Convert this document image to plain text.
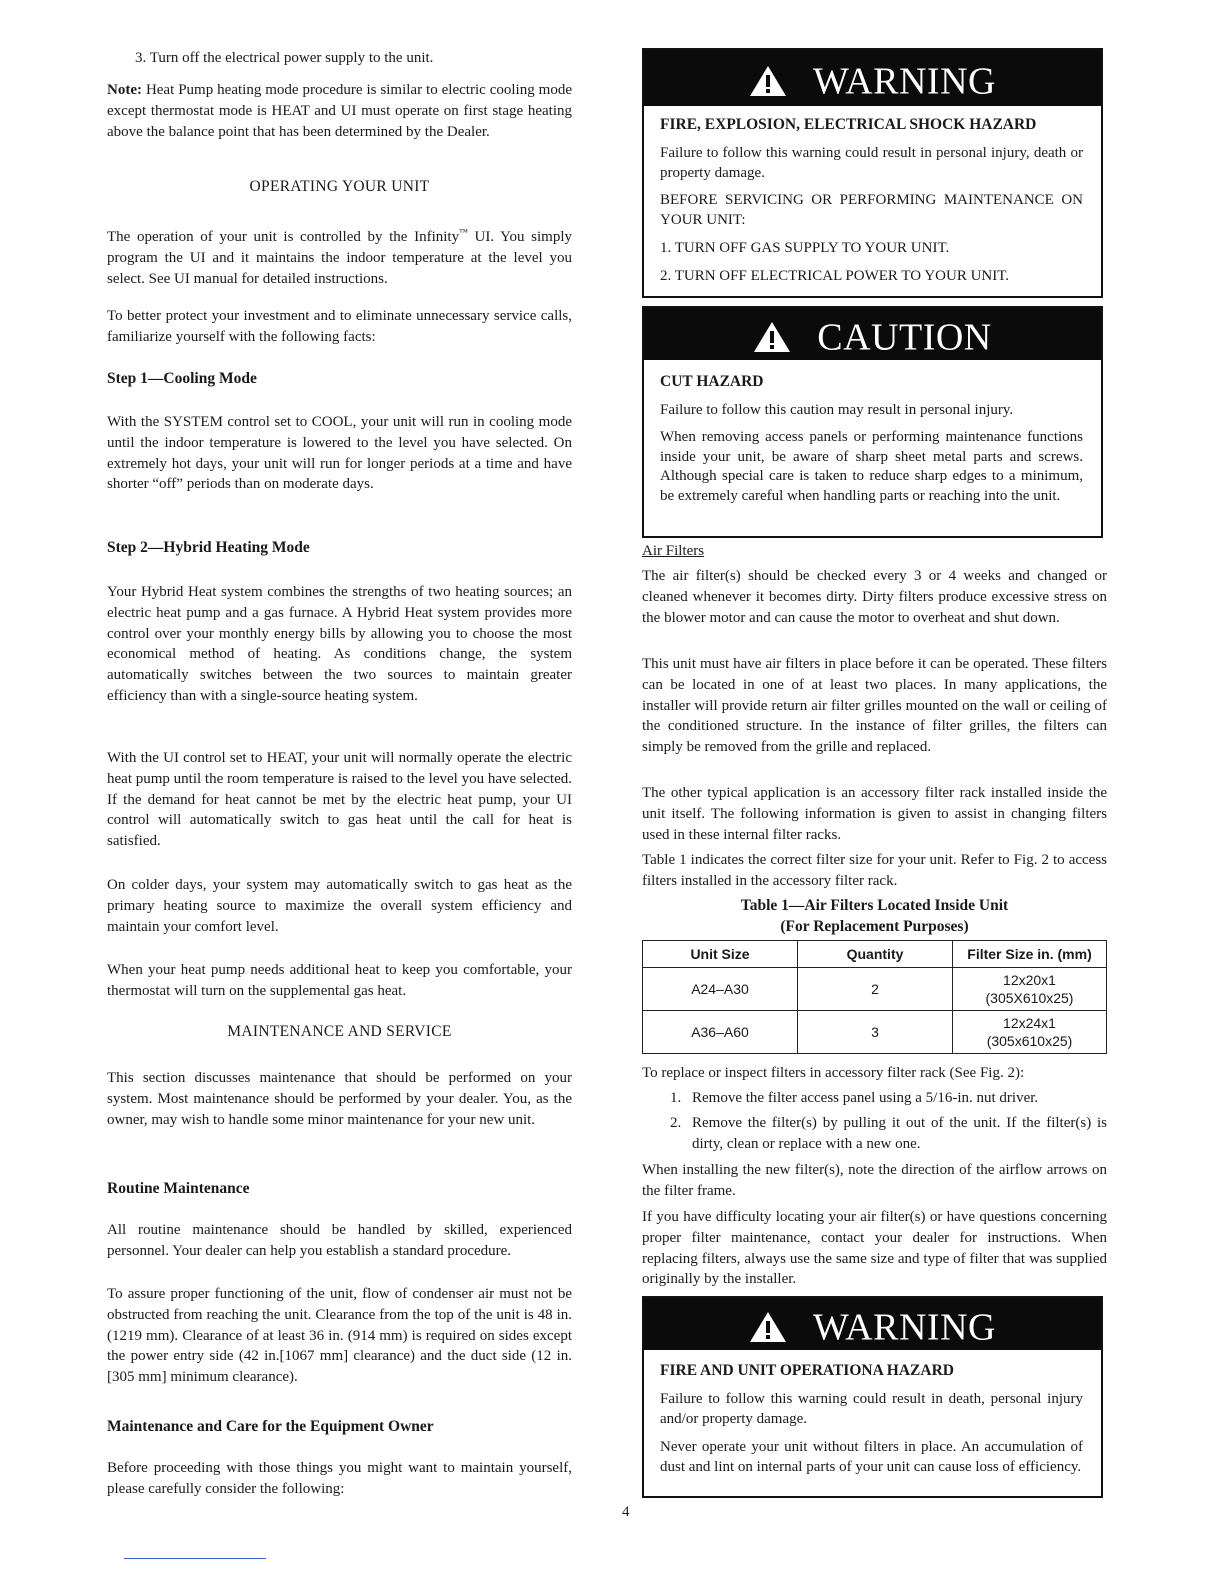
3. Turn off the electrical power supply to the unit.
Note: Heat Pump heating mode procedure is similar to electric cooling mode except thermostat mode is HEAT and UI must operate on first stage heating above the balance point that has been determined by the Dealer.
OPERATING YOUR UNIT
The operation of your unit is controlled by the Infinity™ UI. You simply program the UI and it maintains the indoor temperature at the level you select. See UI manual for detailed instructions.
To better protect your investment and to eliminate unnecessary service calls, familiarize yourself with the following facts:
Step 1—Cooling Mode
With the SYSTEM control set to COOL, your unit will run in cooling mode until the indoor temperature is lowered to the level you have selected. On extremely hot days, your unit will run for longer periods at a time and have shorter “off” periods than on moderate days.
Step 2—Hybrid Heating Mode
Your Hybrid Heat system combines the strengths of two heating sources; an electric heat pump and a gas furnace. A Hybrid Heat system provides more control over your monthly energy bills by allowing you to choose the most economical method of heating. As conditions change, the system automatically switches between the two sources to maintain greater efficiency than with a single-source heating system.
With the UI control set to HEAT, your unit will normally operate the electric heat pump until the room temperature is raised to the level you have selected. If the demand for heat cannot be met by the electric heat pump, your UI control will automatically switch to gas heat until the call for heat is satisfied.
On colder days, your system may automatically switch to gas heat as the primary heating source to maximize the overall system efficiency and maintain your comfort level.
When your heat pump needs additional heat to keep you comfortable, your thermostat will turn on the supplemental gas heat.
MAINTENANCE AND SERVICE
This section discusses maintenance that should be performed on your system. Most maintenance should be performed by your dealer. You, as the owner, may wish to handle some minor maintenance for your new unit.
Routine Maintenance
All routine maintenance should be handled by skilled, experienced personnel. Your dealer can help you establish a standard procedure.
To assure proper functioning of the unit, flow of condenser air must not be obstructed from reaching the unit. Clearance from the top of the unit is 48 in. (1219 mm). Clearance of at least 36 in. (914 mm) is required on sides except the power entry side (42 in.[1067 mm] clearance) and the duct side (12 in. [305 mm] minimum clearance).
Maintenance and Care for the Equipment Owner
Before proceeding with those things you might want to maintain yourself, please carefully consider the following:
WARNING
FIRE, EXPLOSION, ELECTRICAL SHOCK HAZARD
Failure to follow this warning could result in personal injury, death or property damage.
BEFORE SERVICING OR PERFORMING MAINTENANCE ON YOUR UNIT:
1. TURN OFF GAS SUPPLY TO YOUR UNIT.
2. TURN OFF ELECTRICAL POWER TO YOUR UNIT.
CAUTION
CUT HAZARD
Failure to follow this caution may result in personal injury.
When removing access panels or performing maintenance functions inside your unit, be aware of sharp sheet metal parts and screws. Although special care is taken to reduce sharp edges to a minimum, be extremely careful when handling parts or reaching into the unit.
Air Filters
The air filter(s) should be checked every 3 or 4 weeks and changed or cleaned whenever it becomes dirty. Dirty filters produce excessive stress on the blower motor and can cause the motor to overheat and shut down.
This unit must have air filters in place before it can be operated. These filters can be located in one of at least two places. In many applications, the installer will provide return air filter grilles mounted on the wall or ceiling of the conditioned structure. In the instance of filter grilles, the filters can simply be removed from the grille and replaced.
The other typical application is an accessory filter rack installed inside the unit itself. The following information is given to assist in changing filters used in these internal filter racks.
Table 1 indicates the correct filter size for your unit. Refer to Fig. 2 to access filters installed in the accessory filter rack.
Table 1—Air Filters Located Inside Unit
(For Replacement Purposes)
Unit Size	Quantity	Filter Size in. (mm)
A24–A30	2	12x20x1
(305X610x25)
A36–A60	3	12x24x1
(305x610x25)
To replace or inspect filters in accessory filter rack (See Fig. 2):
1. Remove the filter access panel using a 5/16-in. nut driver.
2. Remove the filter(s) by pulling it out of the unit. If the filter(s) is dirty, clean or replace with a new one.
When installing the new filter(s), note the direction of the airflow arrows on the filter frame.
If you have difficulty locating your air filter(s) or have questions concerning proper filter maintenance, contact your dealer for instructions. When replacing filters, always use the same size and type of filter that was supplied originally by the installer.
WARNING
FIRE AND UNIT OPERATIONA HAZARD
Failure to follow this warning could result in death, personal injury and/or property damage.
Never operate your unit without filters in place. An accumulation of dust and lint on internal parts of your unit can cause loss of efficiency.
4
